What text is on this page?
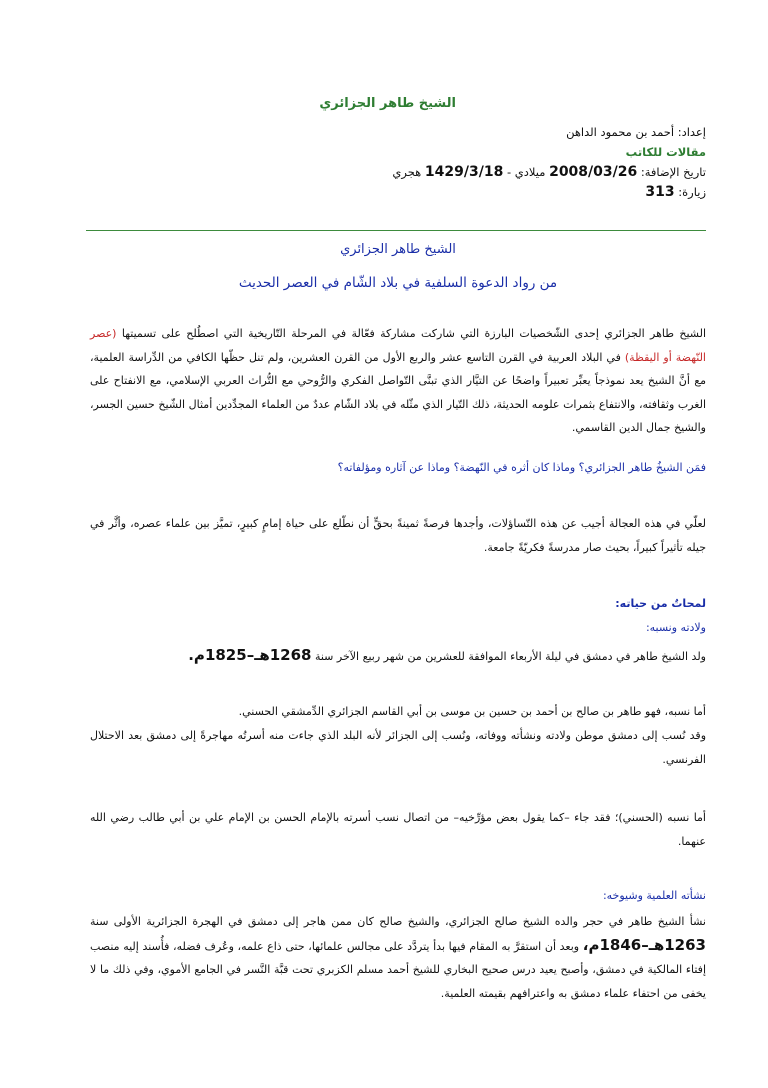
الشيخ طاهر الجزائري
إعداد: أحمد بن محمود الداهن
مقالات للكاتب
تاريخ الإضافة: 2008/03/26 ميلادي - 1429/3/18 هجري
زيارة: 313
الشيخ طاهر الجزائري
من رواد الدعوة السلفية في بلاد الشّام في العصر الحديث

الشيخ طاهر الجزائري إحدى الشّخصيات البارزة التي شاركت مشاركة فعّالة في المرحلة التّاريخية التي اصطُلح على تسميتها (عصر النّهضة أو اليقظة) في البلاد العربية في القرن التاسع عشر والربع الأول من القرن العشرين، ولم تنل حظّها الكافي من الدِّراسة العلمية، مع أنَّ الشيخ يعد نموذجاً يعبِّر تعبيراً واضحًا عن التيَّار الذي تبنَّى التّواصل الفكري والرُّوحي مع التُّراث العربي الإسلامي، مع الانفتاح على الغرب وثقافته، والانتفاع بثمرات علومه الحديثة، ذلك التّيار الذي مثّله في بلاد الشّام عددٌ من العلماء المجدِّدين أمثال الشّيخ حسين الجسر، والشيخ جمال الدين القاسمي.

فمَن الشيخُ طاهر الجزائري؟ وماذا كان أثره في النّهضة؟ وماذا عن آثاره ومؤلفاته؟

لعلّي في هذه العجالة أجيب عن هذه التّساؤلات، وأجدها فرصةً ثمينةً بحقٍّ أن نطّلع على حياة إمامٍ كبيرٍ، تميَّز بين علماء عصره، وأثَّر في جيله تأثيراً كبيراً، بحيث صار مدرسةً فكريّةً جامعة.

لمحاتٌ من حياته:

ولادته ونسبه:

ولد الشيخ طاهر في دمشق في ليلة الأربعاء الموافقة للعشرين من شهر ربيع الآخر سنة 1268هـ–1825م.

أما نسبه، فهو طاهر بن صالح بن أحمد بن حسين بن موسى بن أبي القاسم الجزائري الدِّمشقي الحسني.

وقد نُسب إلى دمشق موطن ولادته ونشأته ووفاته، ونُسب إلى الجزائر لأنه البلد الذي جاءت منه أسرتُه مهاجرةً إلى دمشق بعد الاحتلال الفرنسي.

أما نسبه (الحسني)؛ فقد جاء –كما يقول بعض مؤرِّخيه– من اتصال نسب أسرته بالإمام الحسن بن الإمام علي بن أبي طالب رضي الله عنهما.

نشأته العلمية وشيوخه:

نشأ الشيخ طاهر في حجر والده الشيخ صالح الجزائري، والشيخ صالح كان ممن هاجر إلى دمشق في الهجرة الجزائرية الأولى سنة 1263هـ–1846م، وبعد أن استقرَّ به المقام فيها بدأ يتردَّد على مجالس علمائها، حتى ذاع علمه، وعُرف فضله، فأُسند إليه منصب إفتاء المالكية في دمشق، وأصبح يعيد درس صحيح البخاري للشيخ أحمد مسلم الكزبري تحت قبَّة النَّسر في الجامع الأموي، وفي ذلك ما لا يخفى من احتفاء علماء دمشق به واعترافهم بقيمته العلمية.
